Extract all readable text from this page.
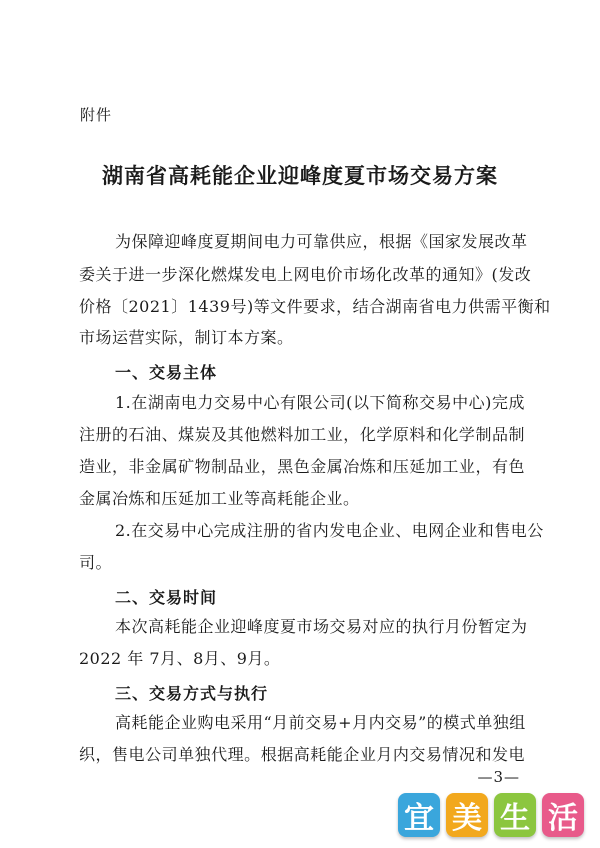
附件
湖南省高耗能企业迎峰度夏市场交易方案
为保障迎峰度夏期间电力可靠供应，根据《国家发展改革
委关于进一步深化燃煤发电上网电价市场化改革的通知》(发改
价格〔2021〕1439号)等文件要求，结合湖南省电力供需平衡和
市场运营实际，制订本方案。
一、交易主体
1.在湖南电力交易中心有限公司(以下简称交易中心)完成
注册的石油、煤炭及其他燃料加工业，化学原料和化学制品制
造业，非金属矿物制品业，黑色金属冶炼和压延加工业，有色
金属冶炼和压延加工业等高耗能企业。
2.在交易中心完成注册的省内发电企业、电网企业和售电公
司。
二、交易时间
本次高耗能企业迎峰度夏市场交易对应的执行月份暂定为
2022 年 7月、8月、9月。
三、交易方式与执行
高耗能企业购电采用“月前交易+月内交易”的模式单独组
织，售电公司单独代理。根据高耗能企业月内交易情况和发电
—3—
宜 美 生 活
